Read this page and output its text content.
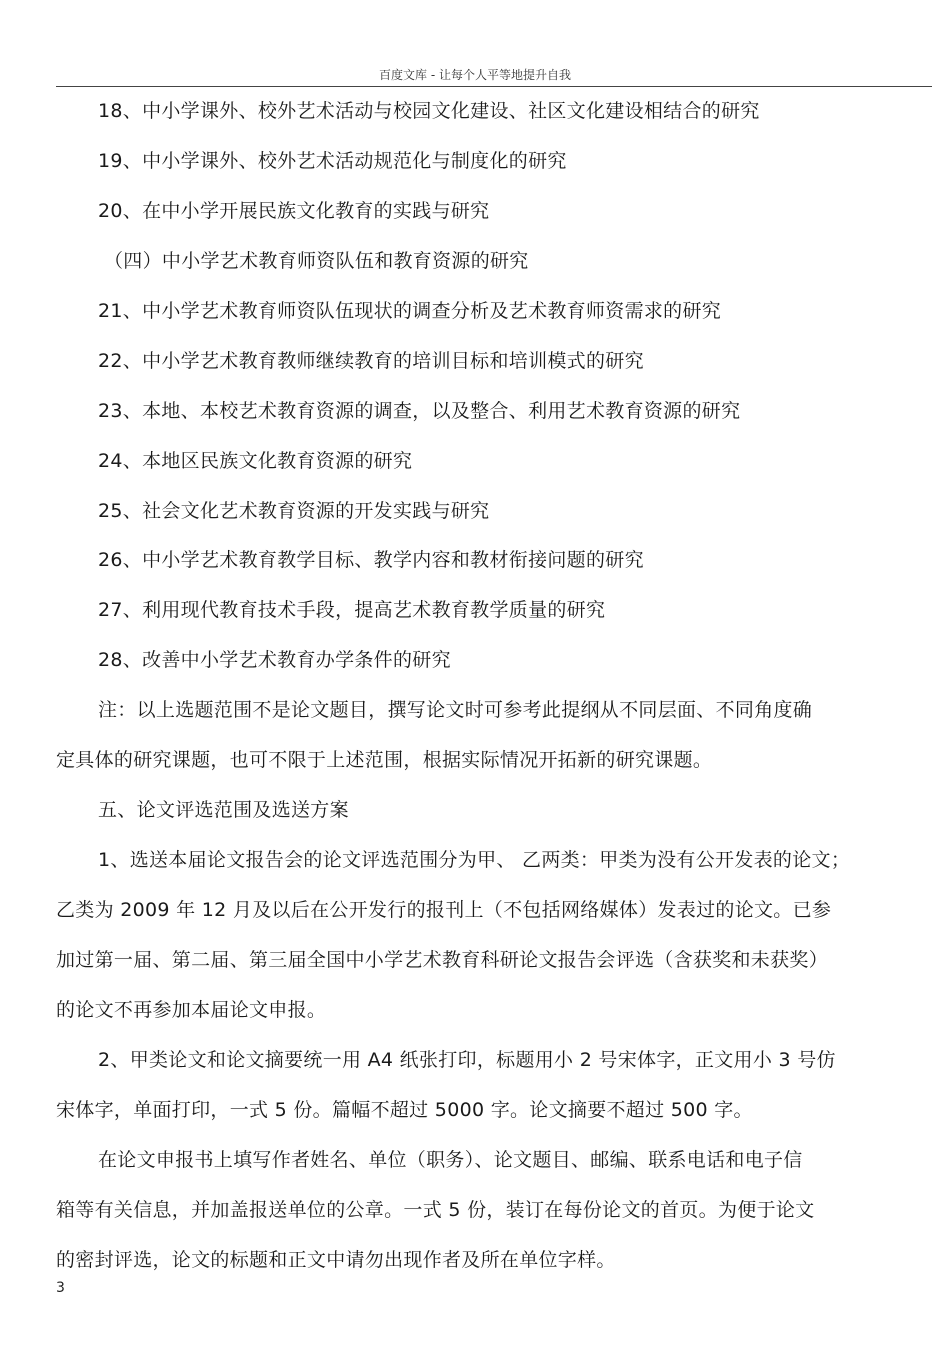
百度文库 - 让每个人平等地提升自我
18、中小学课外、校外艺术活动与校园文化建设、社区文化建设相结合的研究
19、中小学课外、校外艺术活动规范化与制度化的研究
20、在中小学开展民族文化教育的实践与研究
（四）中小学艺术教育师资队伍和教育资源的研究
21、中小学艺术教育师资队伍现状的调查分析及艺术教育师资需求的研究
22、中小学艺术教育教师继续教育的培训目标和培训模式的研究
23、本地、本校艺术教育资源的调查，以及整合、利用艺术教育资源的研究
24、本地区民族文化教育资源的研究
25、社会文化艺术教育资源的开发实践与研究
26、中小学艺术教育教学目标、教学内容和教材衔接问题的研究
27、利用现代教育技术手段，提高艺术教育教学质量的研究
28、改善中小学艺术教育办学条件的研究
注：以上选题范围不是论文题目，撰写论文时可参考此提纲从不同层面、不同角度确
定具体的研究课题，也可不限于上述范围，根据实际情况开拓新的研究课题。
五、论文评选范围及选送方案
1、选送本届论文报告会的论文评选范围分为甲、 乙两类：甲类为没有公开发表的论文；
乙类为 2009 年 12 月及以后在公开发行的报刊上（不包括网络媒体）发表过的论文。已参
加过第一届、第二届、第三届全国中小学艺术教育科研论文报告会评选（含获奖和未获奖）
的论文不再参加本届论文申报。
2、甲类论文和论文摘要统一用 A4 纸张打印，标题用小 2 号宋体字，正文用小 3 号仿
宋体字，单面打印，一式 5 份。篇幅不超过 5000 字。论文摘要不超过 500 字。
在论文申报书上填写作者姓名、单位（职务）、论文题目、邮编、联系电话和电子信
箱等有关信息，并加盖报送单位的公章。一式 5 份，装订在每份论文的首页。为便于论文
的密封评选，论文的标题和正文中请勿出现作者及所在单位字样。
3
